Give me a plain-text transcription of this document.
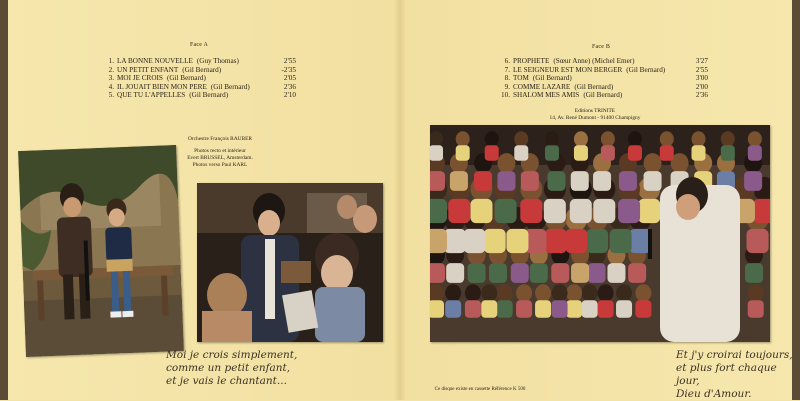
Face A
1. LA BONNE NOUVELLE (Guy Thomas)	2'55
2. UN PETIT ENFANT (Gil Bernard)	-2'35
3. MOI JE CROIS (Gil Bernard)	2'05
4. IL JOUAIT BIEN MON PERE (Gil Bernard)	2'36
5. QUE TU L'APPELLES (Gil Bernard)	2'10
Face B
6. PROPHETE (Sœur Anne) (Michel Emer)	3'27
7. LE SEIGNEUR EST MON BERGER (Gil Bernard)	2'55
8. TOM (Gil Bernard)	3'00
9. COMME LAZARE (Gil Bernard)	2'00
10. SHALOM MES AMIS (Gil Bernard)	2'36
Orchestre François RAUBER
Photos recto et intérieur
Evert BRUSSEL, Amsterdam.
Photos verso Paul KARL
Editions TRINITE
14, Av. René Dumont - 91400 Champigny
Moi je crois simplement,
comme un petit enfant,
et je vais le chantant...
Et j'y croirai toujours,
et plus fort chaque jour,
Dieu d'Amour.
Ce disque existe en cassette Référence K 500
